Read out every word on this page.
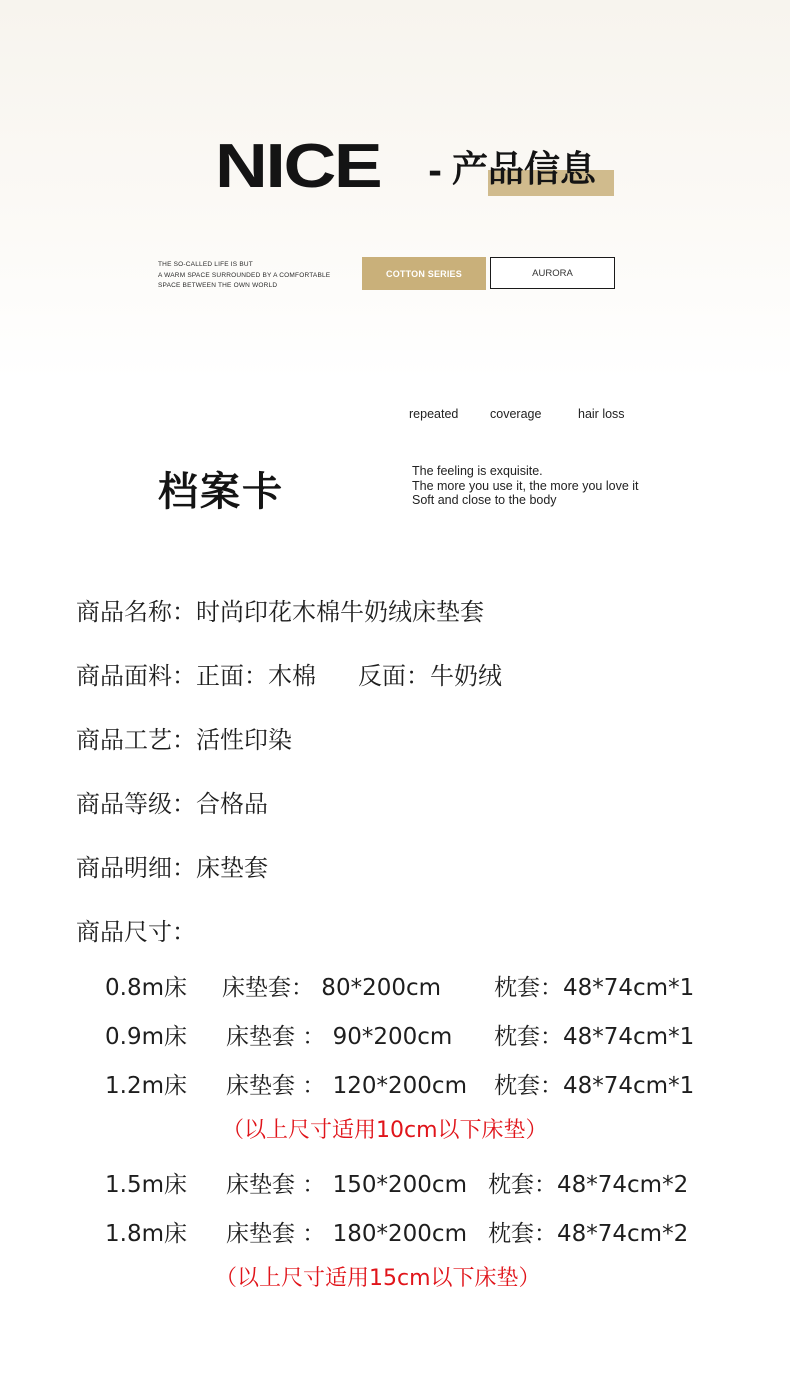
NICE - 产品信息
THE SO-CALLED LIFE IS BUT
A WARM SPACE SURROUNDED BY A COMFORTABLE
SPACE BETWEEN THE OWN WORLD
COTTON SERIES	AURORA
repeated	coverage	hair loss
档案卡	The feeling is exquisite.
The more you use it, the more you love it
Soft and close to the body
商品名称：时尚印花木棉牛奶绒床垫套
商品面料：正面：木棉 反面：牛奶绒
商品工艺：活性印染
商品等级：合格品
商品明细：床垫套
商品尺寸：
0.8m床 床垫套： 80*200cm 枕套：48*74cm*1
0.9m床 床垫套 ： 90*200cm 枕套：48*74cm*1
1.2m床 床垫套 ： 120*200cm 枕套：48*74cm*1
（以上尺寸适用10cm以下床垫）
1.5m床 床垫套 ： 150*200cm 枕套：48*74cm*2
1.8m床 床垫套 ： 180*200cm 枕套：48*74cm*2
（以上尺寸适用15cm以下床垫）
